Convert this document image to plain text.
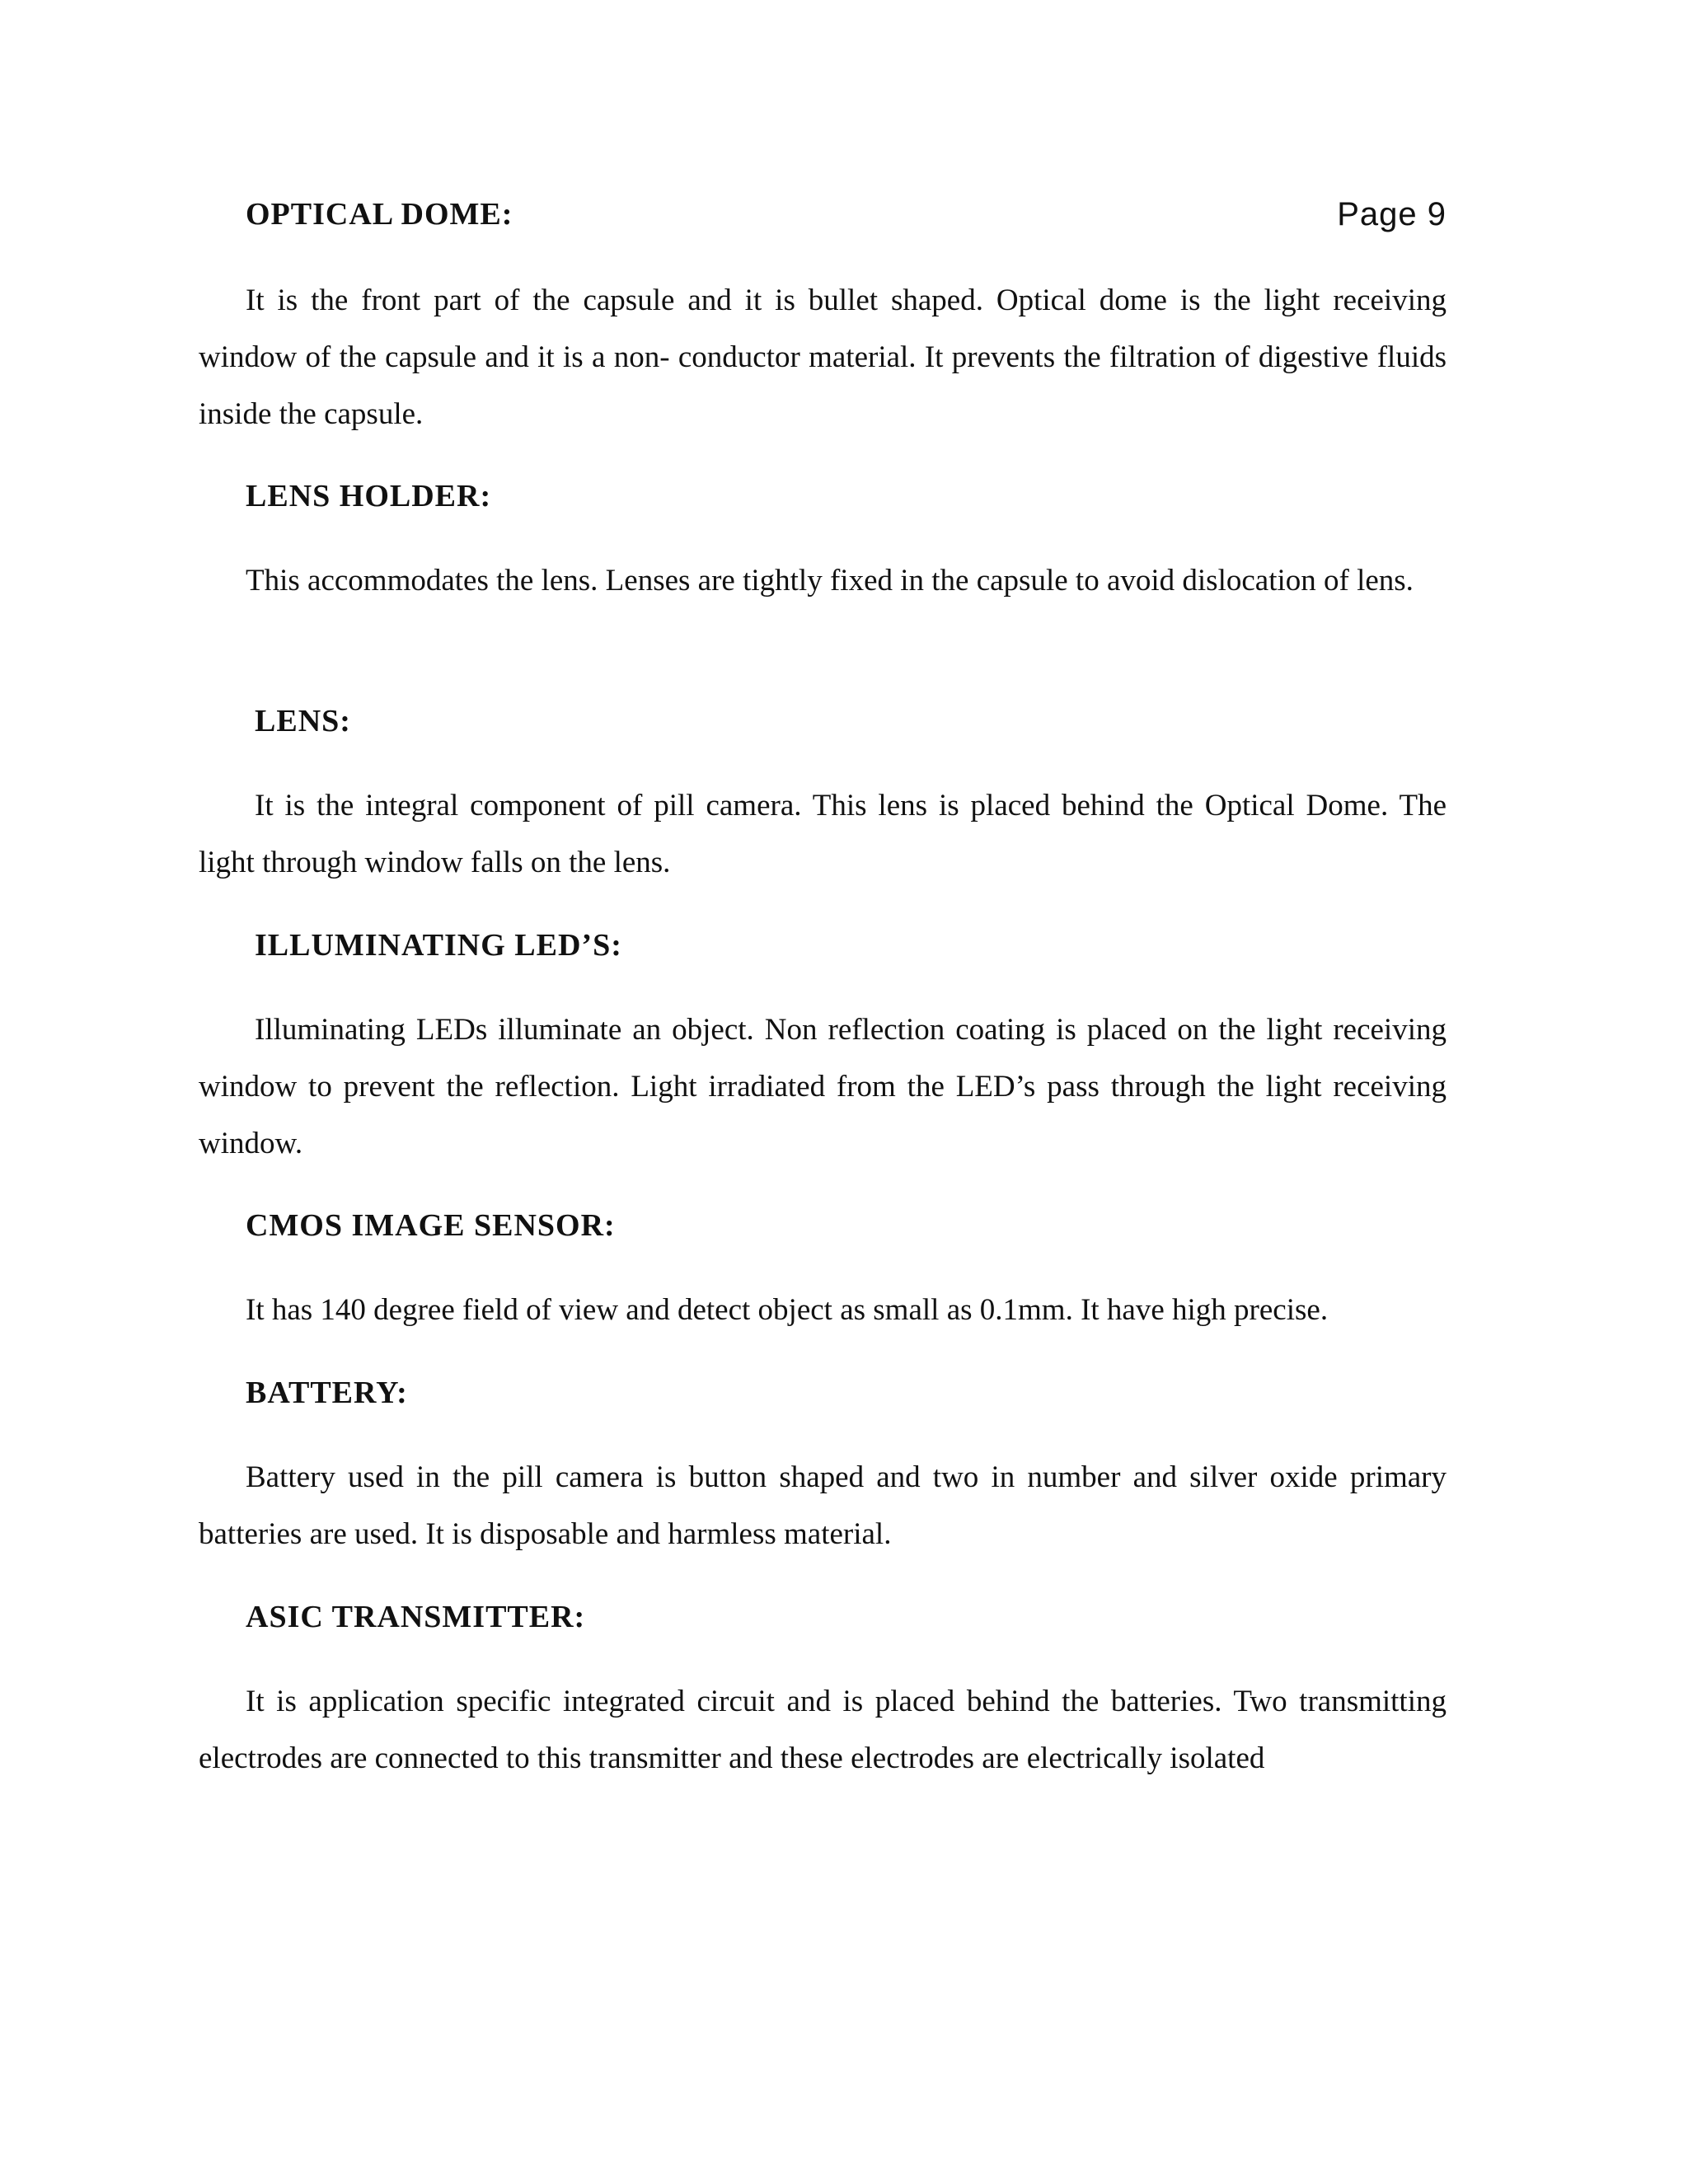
Page 9
OPTICAL DOME:

It is the front part of the capsule and it is bullet shaped. Optical dome is the light receiving window of the capsule and it is a non- conductor material. It prevents the filtration of digestive fluids inside the capsule.

LENS HOLDER:

This accommodates the lens. Lenses are tightly fixed in the capsule to avoid dislocation of lens.

LENS:

It is the integral component of pill camera. This lens is placed behind the Optical Dome. The light through window falls on the lens.

ILLUMINATING LED’S:

Illuminating LEDs illuminate an object. Non reflection coating is placed on the light receiving window to prevent the reflection. Light irradiated from the LED’s pass through the light receiving window.

CMOS IMAGE SENSOR:

It has 140 degree field of view and detect object as small as 0.1mm. It have high precise.

BATTERY:

Battery used in the pill camera is button shaped and two in number and silver oxide primary batteries are used. It is disposable and harmless material.

ASIC TRANSMITTER:

It is application specific integrated circuit and is placed behind the batteries. Two transmitting electrodes are connected to this transmitter and these electrodes are electrically isolated
